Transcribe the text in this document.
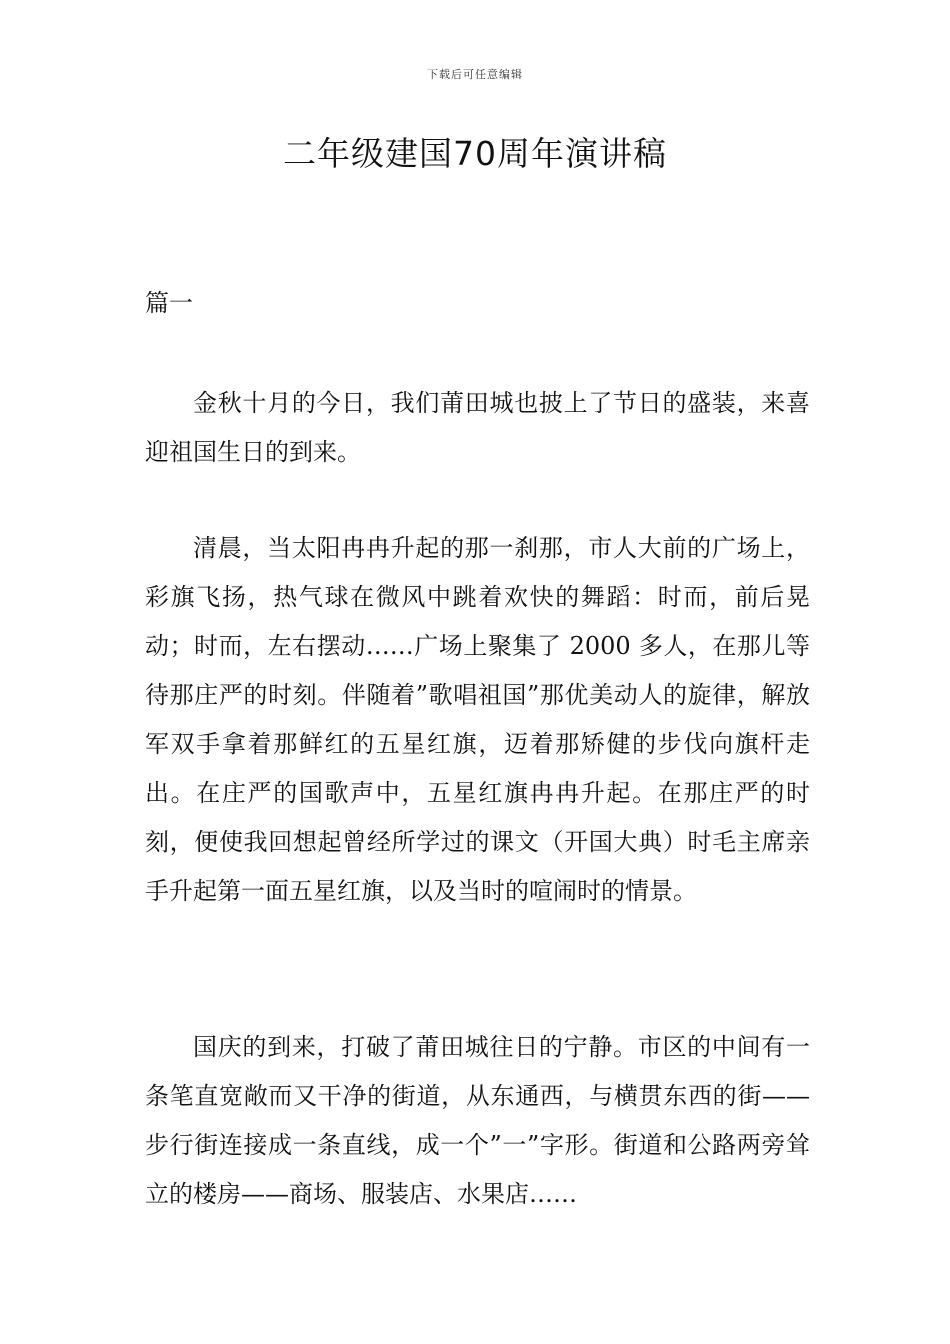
下载后可任意编辑
二年级建国70周年演讲稿
篇一

金秋十月的今日，我们莆田城也披上了节日的盛装，来喜迎祖国生日的到来。

清晨，当太阳冉冉升起的那一刹那，市人大前的广场上，彩旗飞扬，热气球在微风中跳着欢快的舞蹈：时而，前后晃动；时而，左右摆动……广场上聚集了 2000 多人，在那儿等待那庄严的时刻。伴随着”歌唱祖国”那优美动人的旋律，解放军双手拿着那鲜红的五星红旗，迈着那矫健的步伐向旗杆走出。在庄严的国歌声中，五星红旗冉冉升起。在那庄严的时刻，便使我回想起曾经所学过的课文（开国大典）时毛主席亲手升起第一面五星红旗，以及当时的喧闹时的情景。

国庆的到来，打破了莆田城往日的宁静。市区的中间有一条笔直宽敞而又干净的街道，从东通西，与横贯东西的街——步行街连接成一条直线，成一个”一”字形。街道和公路两旁耸立的楼房——商场、服装店、水果店……
